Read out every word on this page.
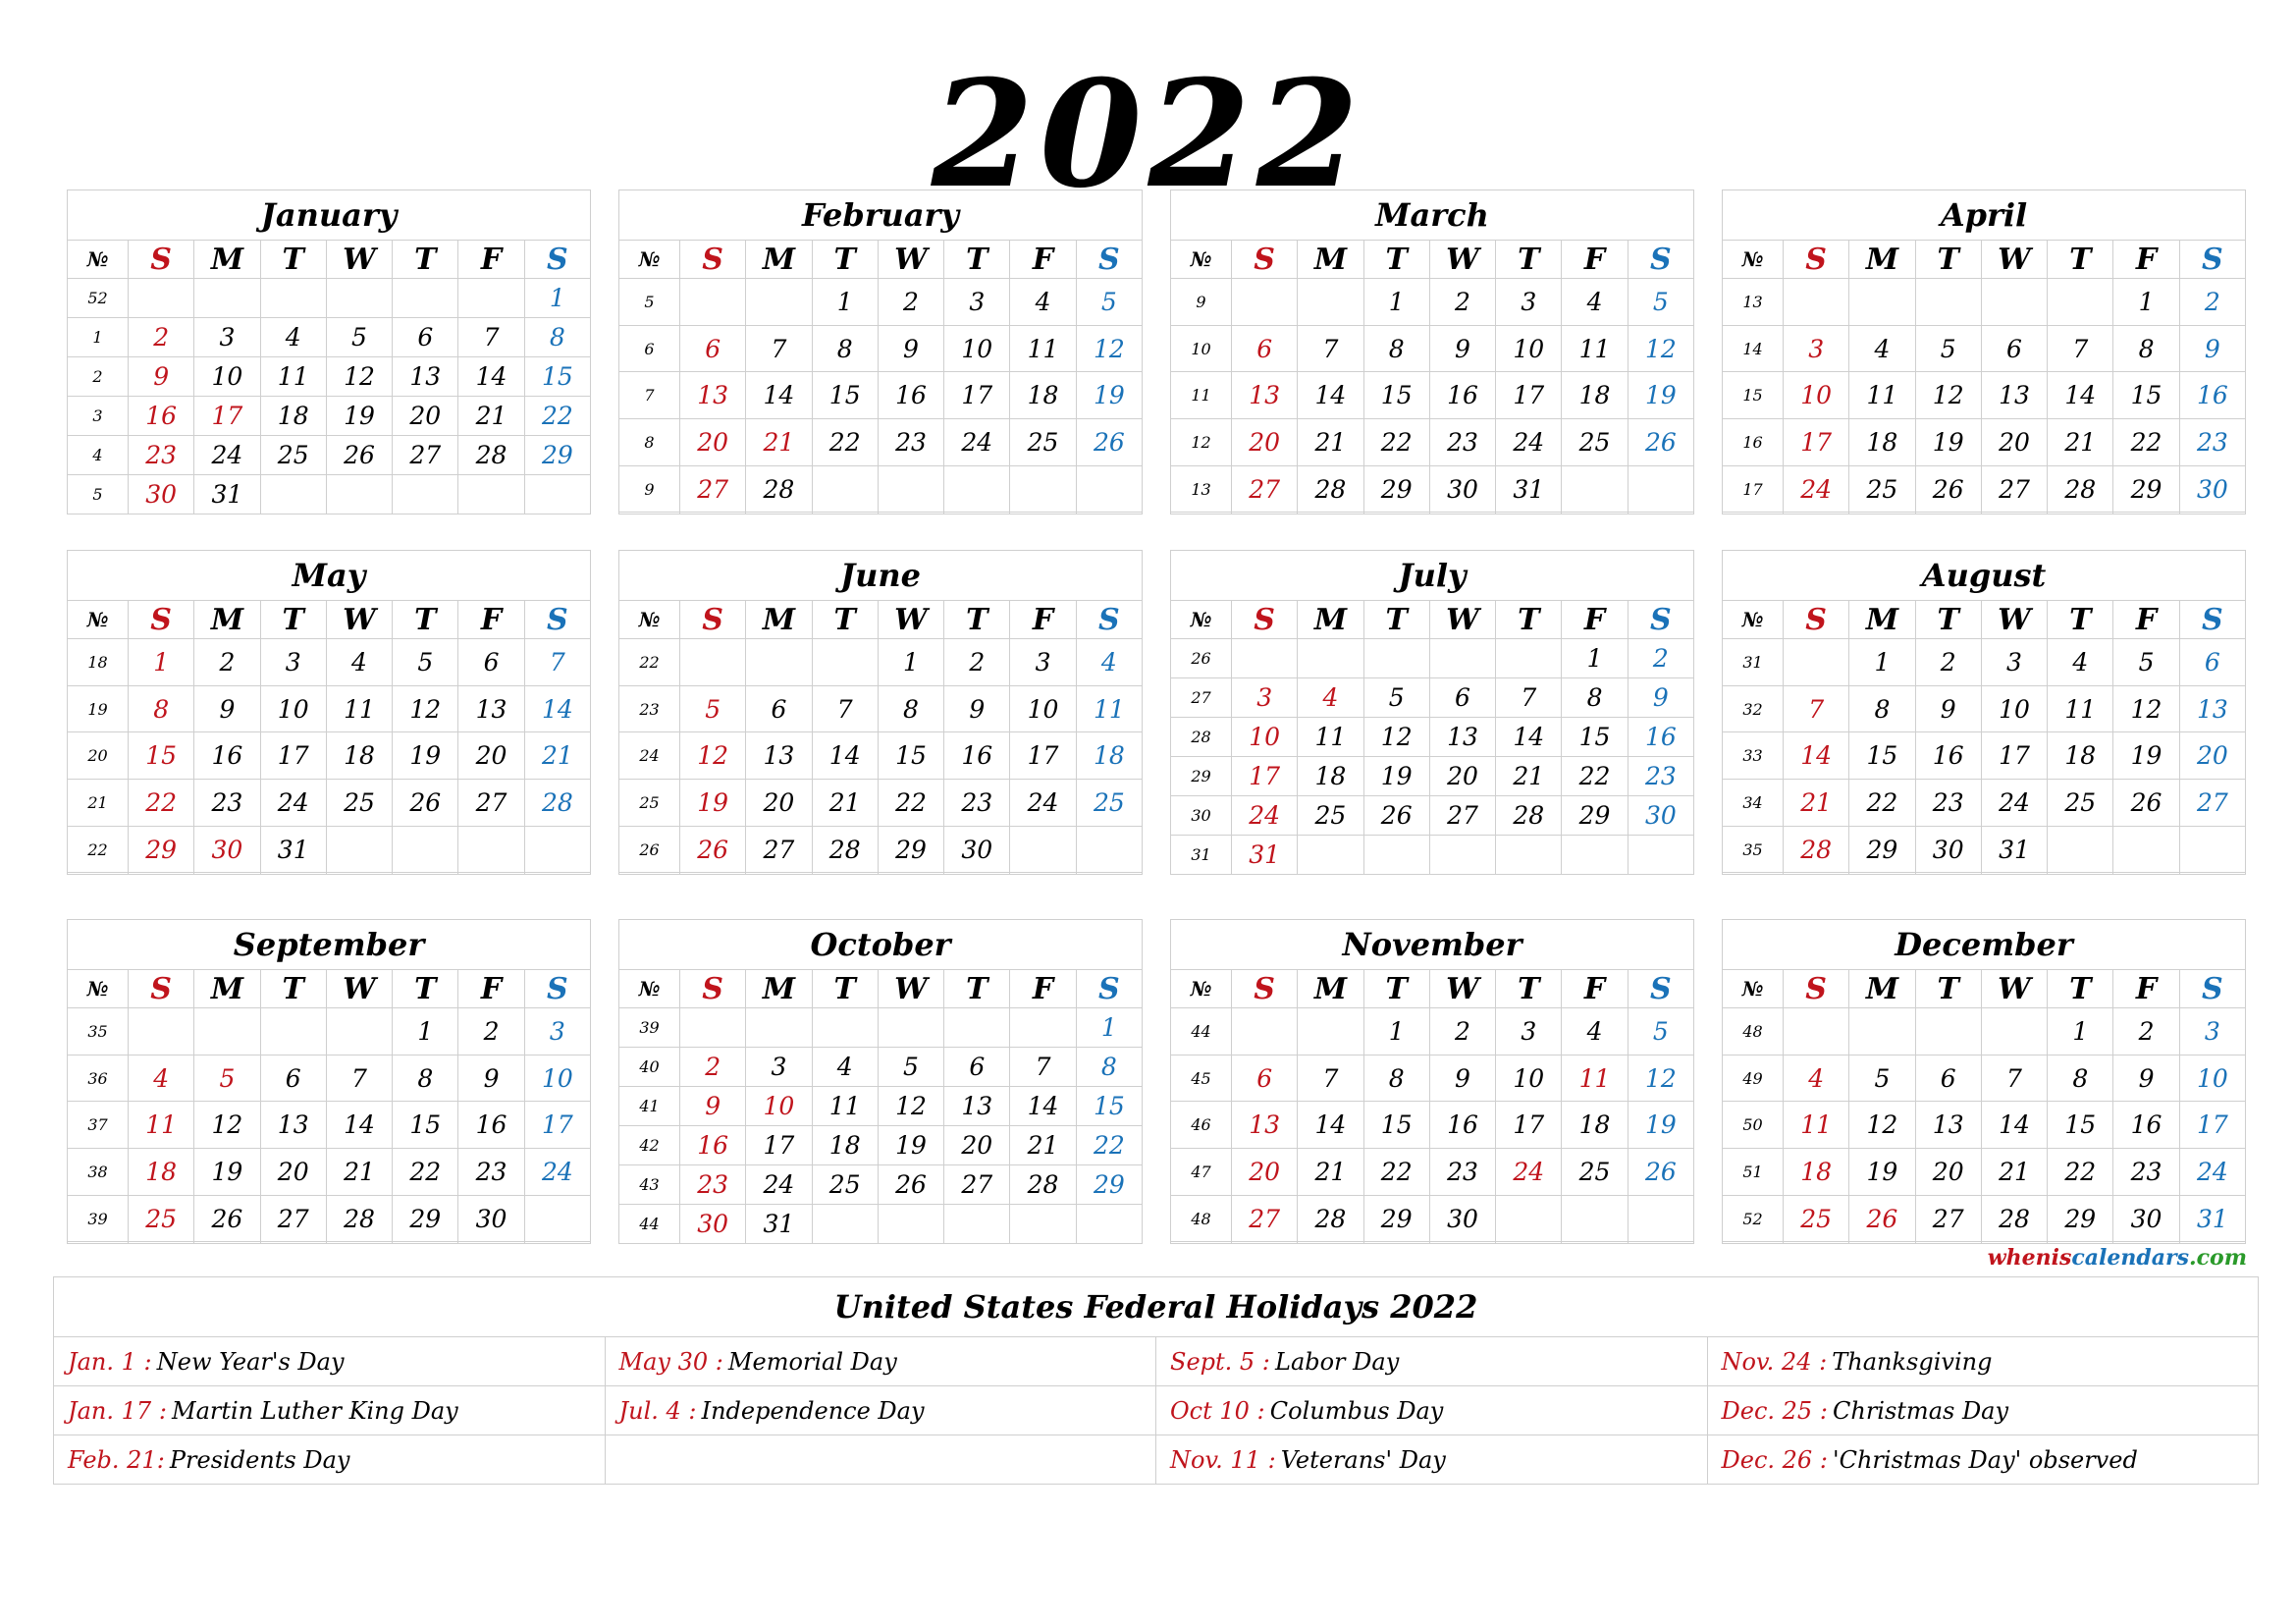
2022
January							
№	S	M	T	W	T	F	S
52							1
1	2	3	4	5	6	7	8
2	9	10	11	12	13	14	15
3	16	17	18	19	20	21	22
4	23	24	25	26	27	28	29
5	30	31					
February							
№	S	M	T	W	T	F	S
5			1	2	3	4	5
6	6	7	8	9	10	11	12
7	13	14	15	16	17	18	19
8	20	21	22	23	24	25	26
9	27	28					

March							
№	S	M	T	W	T	F	S
9			1	2	3	4	5
10	6	7	8	9	10	11	12
11	13	14	15	16	17	18	19
12	20	21	22	23	24	25	26
13	27	28	29	30	31		

April							
№	S	M	T	W	T	F	S
13						1	2
14	3	4	5	6	7	8	9
15	10	11	12	13	14	15	16
16	17	18	19	20	21	22	23
17	24	25	26	27	28	29	30

May							
№	S	M	T	W	T	F	S
18	1	2	3	4	5	6	7
19	8	9	10	11	12	13	14
20	15	16	17	18	19	20	21
21	22	23	24	25	26	27	28
22	29	30	31				

June							
№	S	M	T	W	T	F	S
22				1	2	3	4
23	5	6	7	8	9	10	11
24	12	13	14	15	16	17	18
25	19	20	21	22	23	24	25
26	26	27	28	29	30		

July							
№	S	M	T	W	T	F	S
26						1	2
27	3	4	5	6	7	8	9
28	10	11	12	13	14	15	16
29	17	18	19	20	21	22	23
30	24	25	26	27	28	29	30
31	31						
August							
№	S	M	T	W	T	F	S
31		1	2	3	4	5	6
32	7	8	9	10	11	12	13
33	14	15	16	17	18	19	20
34	21	22	23	24	25	26	27
35	28	29	30	31			

September							
№	S	M	T	W	T	F	S
35					1	2	3
36	4	5	6	7	8	9	10
37	11	12	13	14	15	16	17
38	18	19	20	21	22	23	24
39	25	26	27	28	29	30	

October							
№	S	M	T	W	T	F	S
39							1
40	2	3	4	5	6	7	8
41	9	10	11	12	13	14	15
42	16	17	18	19	20	21	22
43	23	24	25	26	27	28	29
44	30	31					
November							
№	S	M	T	W	T	F	S
44			1	2	3	4	5
45	6	7	8	9	10	11	12
46	13	14	15	16	17	18	19
47	20	21	22	23	24	25	26
48	27	28	29	30			

December							
№	S	M	T	W	T	F	S
48					1	2	3
49	4	5	6	7	8	9	10
50	11	12	13	14	15	16	17
51	18	19	20	21	22	23	24
52	25	26	27	28	29	30	31

wheniscalendars.com
United States Federal Holidays 2022			
Jan. 1 : New Year's Day	May 30 : Memorial Day	Sept. 5 : Labor Day	Nov. 24 : Thanksgiving
Jan. 17 : Martin Luther King Day	Jul. 4 : Independence Day	Oct 10 : Columbus Day	Dec. 25 : Christmas Day
Feb. 21: Presidents Day		Nov. 11 : Veterans' Day	Dec. 26 : 'Christmas Day' observed
